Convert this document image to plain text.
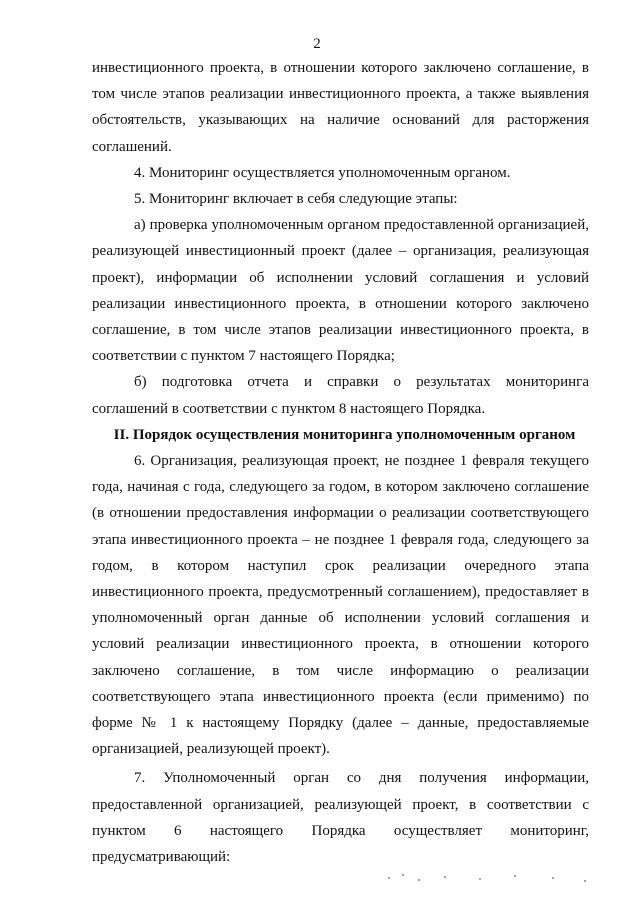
2

инвестиционного проекта, в отношении которого заключено соглашение, в том числе этапов реализации инвестиционного проекта, а также выявления обстоятельств, указывающих на наличие оснований для расторжения соглашений.

4. Мониторинг осуществляется уполномоченным органом.

5. Мониторинг включает в себя следующие этапы:

а) проверка уполномоченным органом предоставленной организацией, реализующей инвестиционный проект (далее – организация, реализующая проект), информации об исполнении условий соглашения и условий реализации инвестиционного проекта, в отношении которого заключено соглашение, в том числе этапов реализации инвестиционного проекта, в соответствии с пунктом 7 настоящего Порядка;

б) подготовка отчета и справки о результатах мониторинга соглашений в соответствии с пунктом 8 настоящего Порядка.

II. Порядок осуществления мониторинга уполномоченным органом

6. Организация, реализующая проект, не позднее 1 февраля текущего года, начиная с года, следующего за годом, в котором заключено соглашение (в отношении предоставления информации о реализации соответствующего этапа инвестиционного проекта – не позднее 1 февраля года, следующего за годом, в котором наступил срок реализации очередного этапа инвестиционного проекта, предусмотренный соглашением), предоставляет в уполномоченный орган данные об исполнении условий соглашения и условий реализации инвестиционного проекта, в отношении которого заключено соглашение, в том числе информацию о реализации соответствующего этапа инвестиционного проекта (если применимо) по форме № 1 к настоящему Порядку (далее – данные, предоставляемые организацией, реализующей проект).

7. Уполномоченный орган со дня получения информации, предоставленной организацией, реализующей проект, в соответствии с пунктом 6 настоящего Порядка осуществляет мониторинг, предусматривающий:
